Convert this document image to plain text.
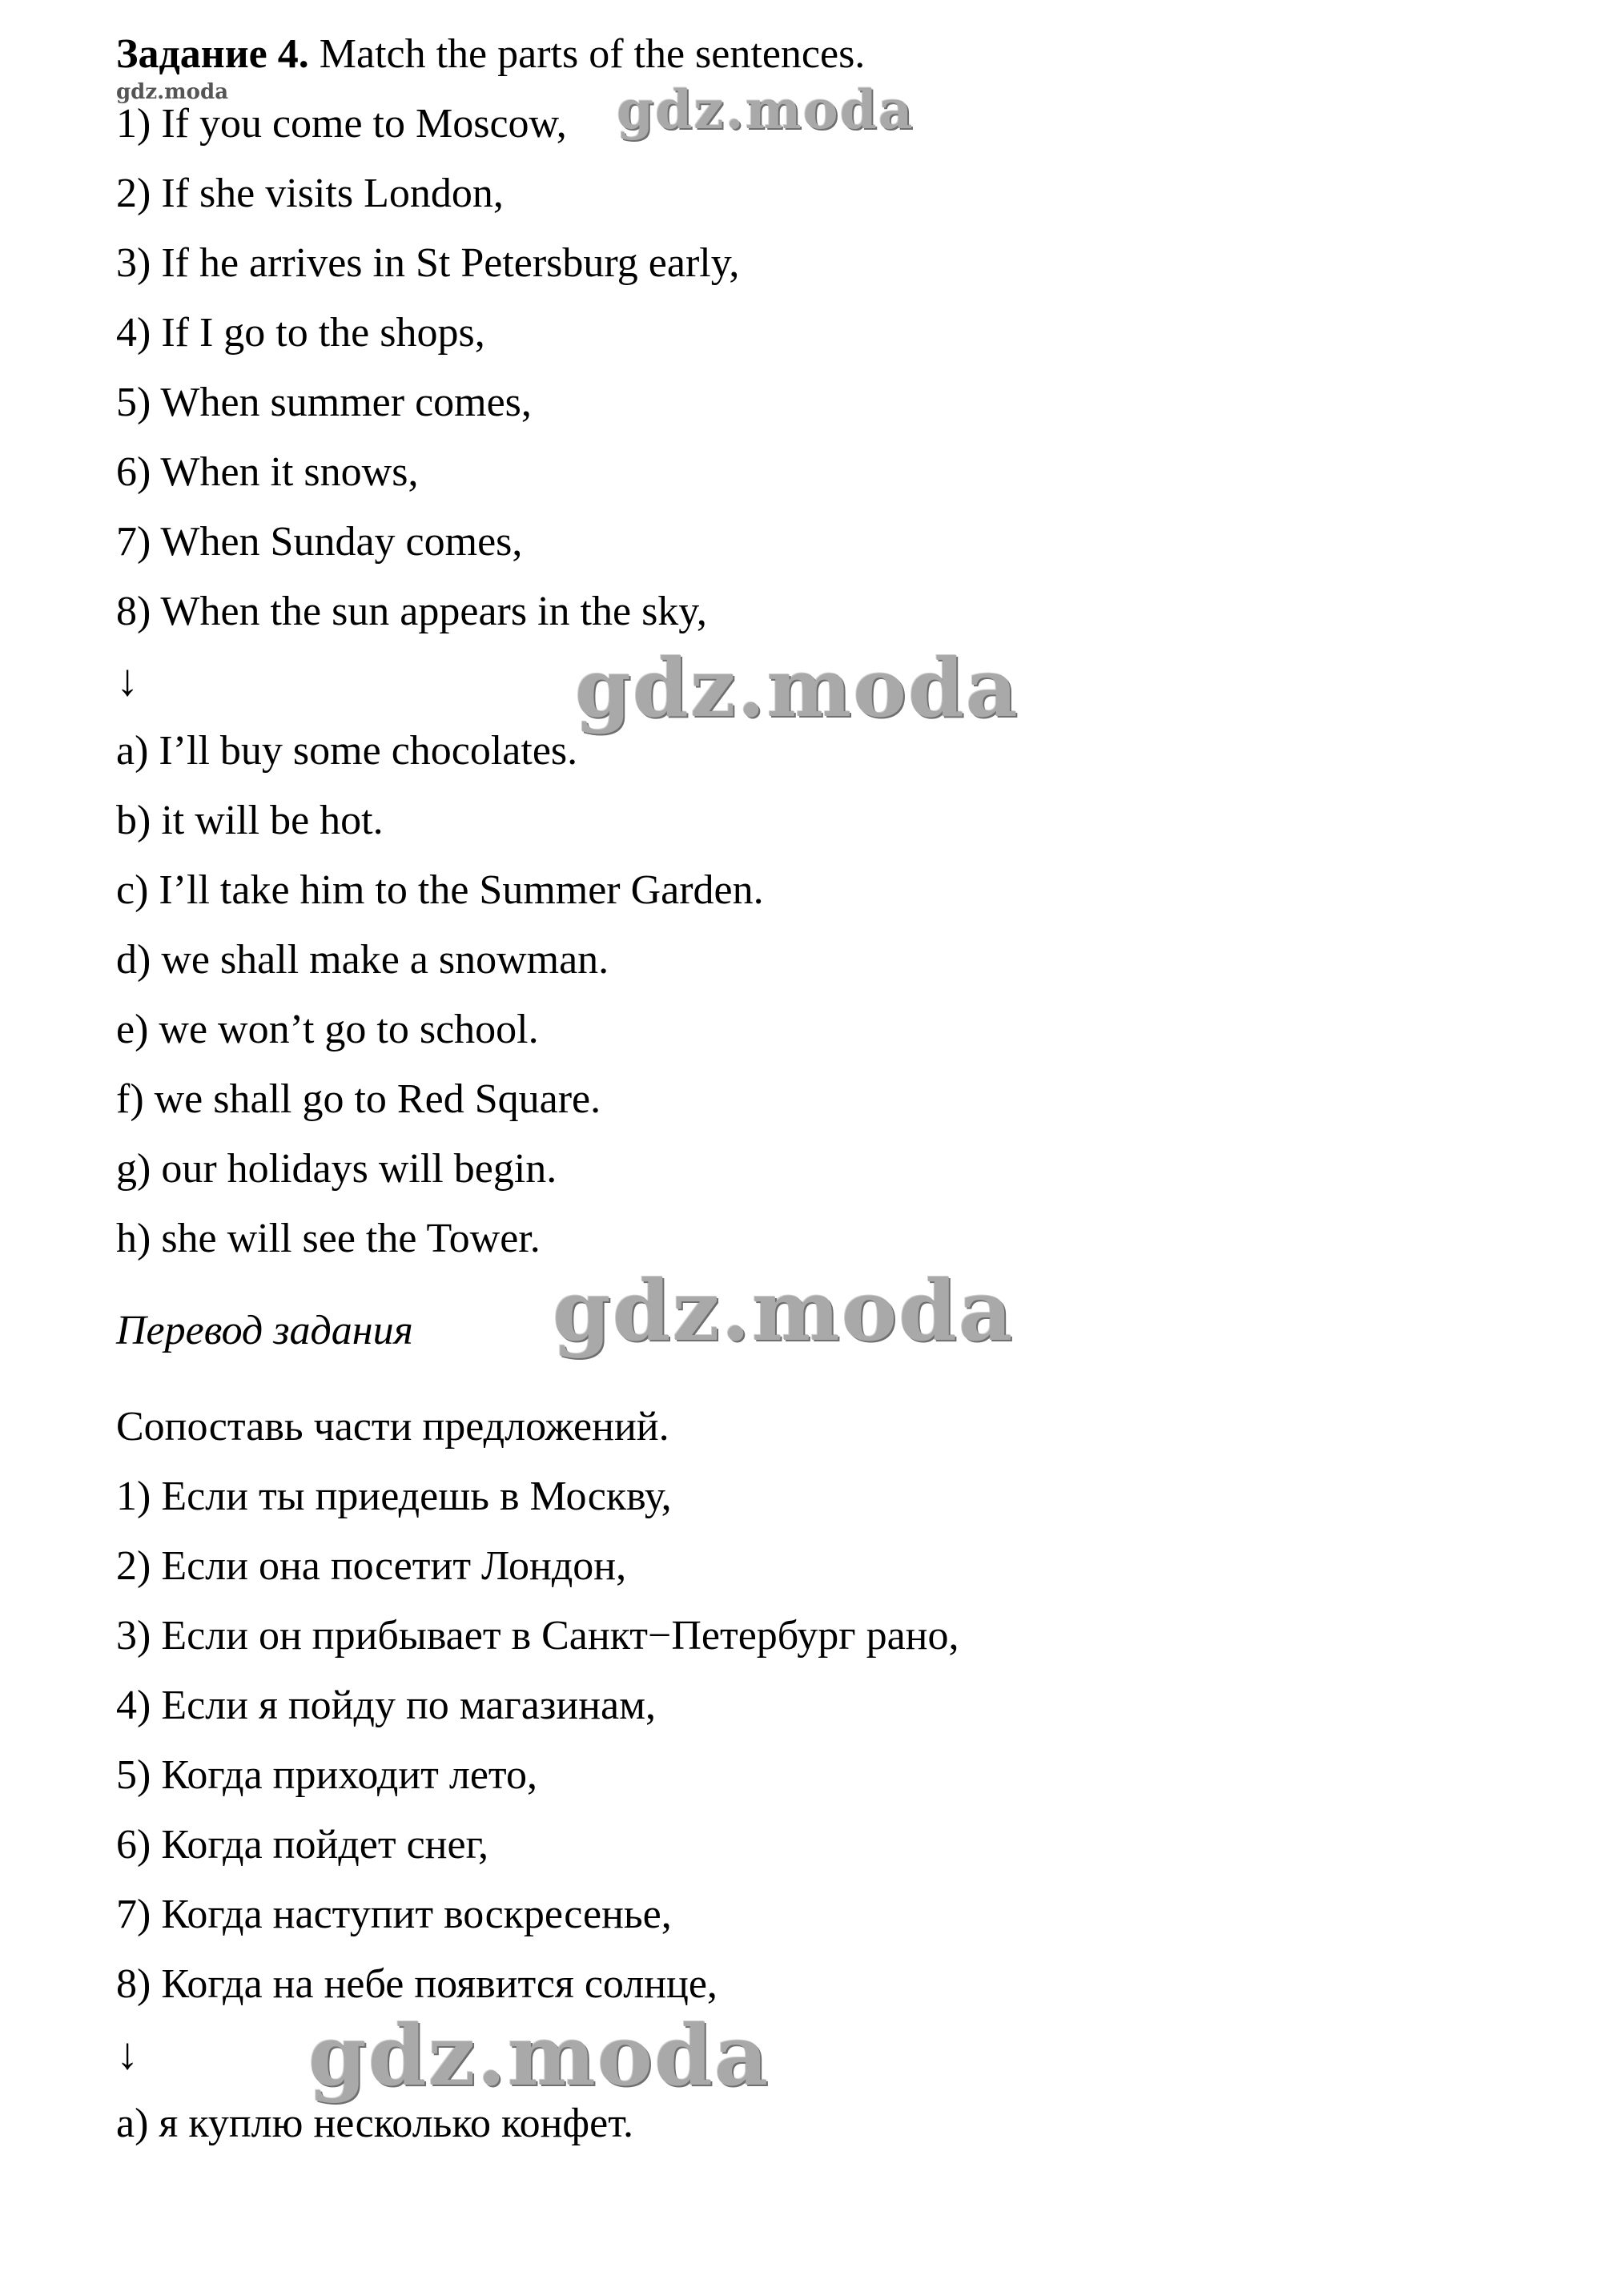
Задание 4. Match the parts of the sentences.
gdz.moda
1) If you come to Moscow,
2) If she visits London,
3) If he arrives in St Petersburg early,
4) If I go to the shops,
5) When summer comes,
6) When it snows,
7) When Sunday comes,
8) When the sun appears in the sky,
↓
a) I’ll buy some chocolates.
b) it will be hot.
c) I’ll take him to the Summer Garden.
d) we shall make a snowman.
e) we won’t go to school.
f) we shall go to Red Square.
g) our holidays will begin.
h) she will see the Tower.
Перевод задания
Сопоставь части предложений.
1) Если ты приедешь в Москву,
2) Если она посетит Лондон,
3) Если он прибывает в Санкт−Петербург рано,
4) Если я пойду по магазинам,
5) Когда приходит лето,
6) Когда пойдет снег,
7) Когда наступит воскресенье,
8) Когда на небе появится солнце,
↓
a) я куплю несколько конфет.
gdz.moda
gdz.moda
gdz.moda
gdz.moda
